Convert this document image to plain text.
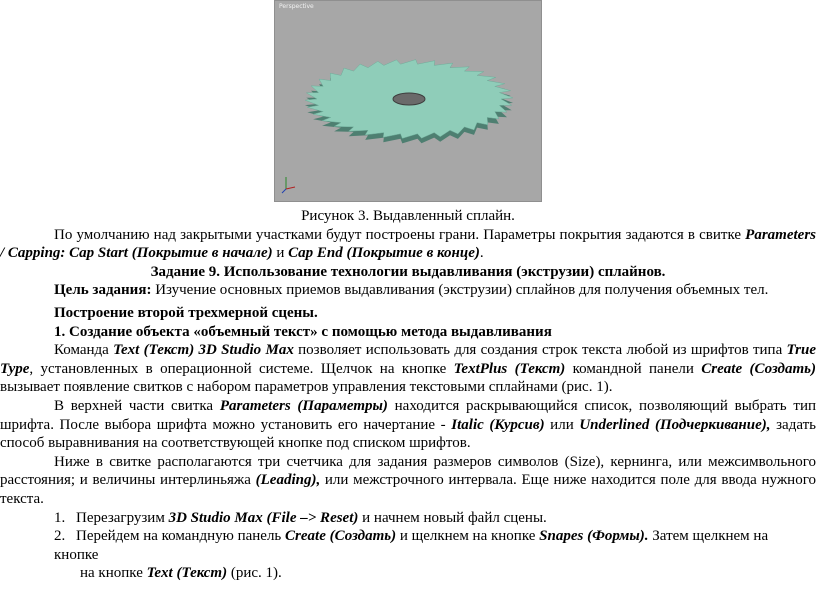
Perspective

Рисунок 3. Выдавленный сплайн.

По умолчанию над закрытыми участками будут построены грани. Параметры покрытия задаются в свитке Parameters / Capping: Cap Start (Покрытие в начале) и Cap End (Покрытие в конце).

Задание 9. Использование технологии выдавливания (экструзии) сплайнов.

Цель задания: Изучение основных приемов выдавливания (экструзии) сплайнов для получения объемных тел.

Построение второй трехмерной сцены.

1. Создание объекта «объемный текст» с помощью метода выдавливания

Команда Text (Текст) 3D Studio Max позволяет использовать для создания строк текста любой из шрифтов типа True Type, установленных в операционной системе. Щелчок на кнопке TextPlus (Текст) командной панели Create (Создать) вызывает появление свитков с набором параметров управления текстовыми сплайнами (рис. 1).

В верхней части свитка Parameters (Параметры) находится раскрывающийся список, позволяющий выбрать тип шрифта. После выбора шрифта можно установить его начертание - Italic (Курсив) или Underlined (Подчеркивание), задать способ выравнивания на соответствующей кнопке под списком шрифтов.

Ниже в свитке располагаются три счетчика для задания размеров символов (Size), кернинга, или межсимвольного расстояния; и величины интерлиньяжа (Leading), или межстрочного интервала. Еще ниже находится поле для ввода нужного текста.

1. Перезагрузим 3D Studio Max (File –> Reset) и начнем новый файл сцены.

2. Перейдем на командную панель Create (Создать) и щелкнем на кнопке Snapes (Формы). Затем щелкнем на кнопке

на кнопке Text (Текст) (рис. 1).
